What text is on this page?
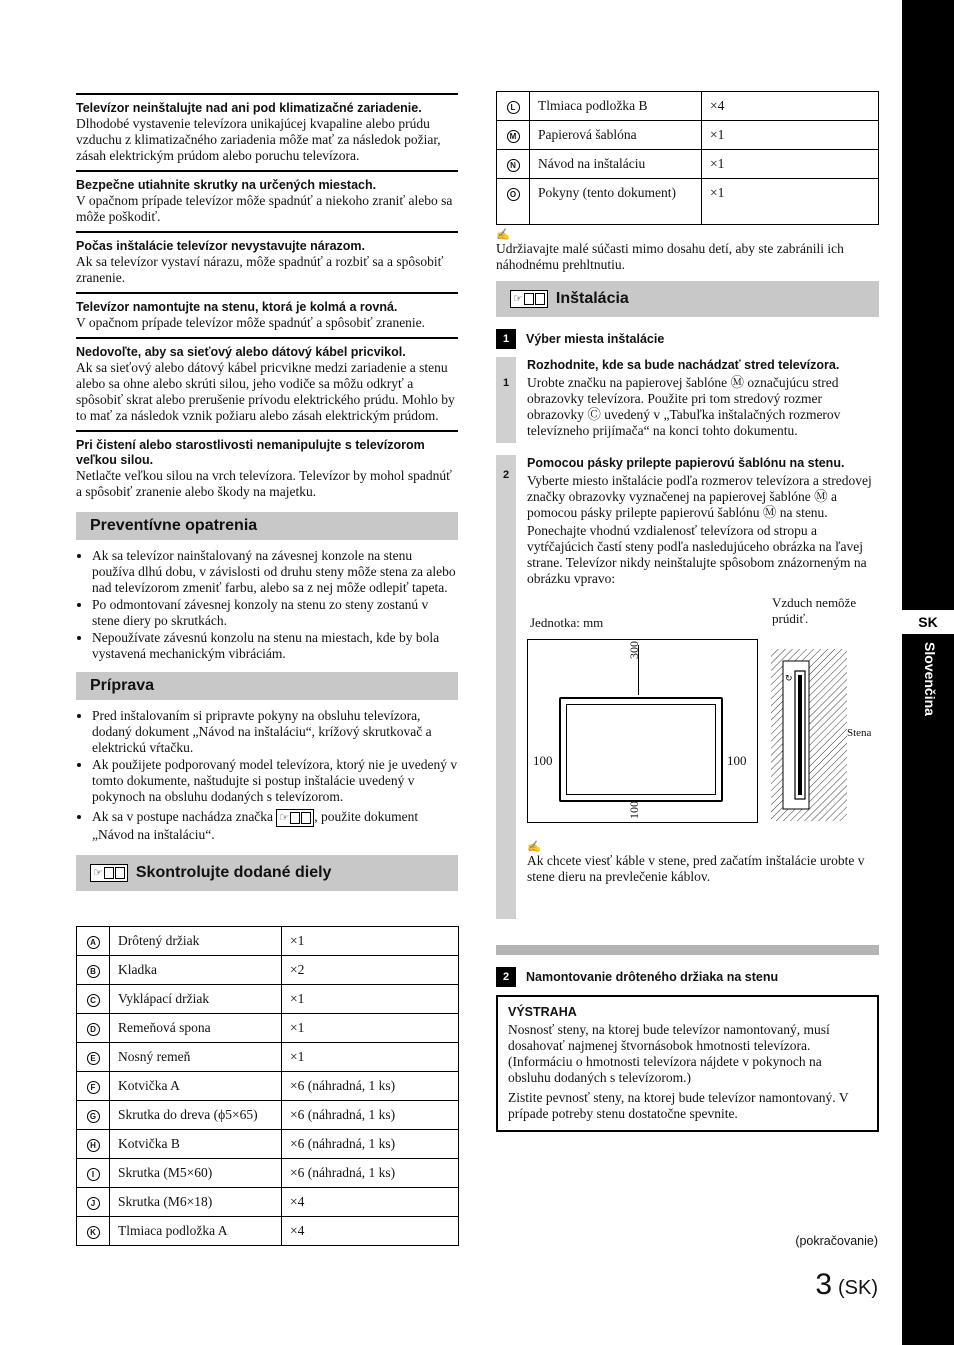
Televízor neinštalujte nad ani pod klimatizačné zariadenie.
Dlhodobé vystavenie televízora unikajúcej kvapaline alebo prúdu vzduchu z klimatizačného zariadenia môže mať za následok požiar, zásah elektrickým prúdom alebo poruchu televízora.
Bezpečne utiahnite skrutky na určených miestach.
V opačnom prípade televízor môže spadnúť a niekoho zraniť alebo sa môže poškodiť.
Počas inštalácie televízor nevystavujte nárazom.
Ak sa televízor vystaví nárazu, môže spadnúť a rozbiť sa a spôsobiť zranenie.
Televízor namontujte na stenu, ktorá je kolmá a rovná.
V opačnom prípade televízor môže spadnúť a spôsobiť zranenie.
Nedovoľte, aby sa sieťový alebo dátový kábel pricvikol.
Ak sa sieťový alebo dátový kábel pricvikne medzi zariadenie a stenu alebo sa ohne alebo skrúti silou, jeho vodiče sa môžu odkryť a spôsobiť skrat alebo prerušenie prívodu elektrického prúdu. Mohlo by to mať za následok vznik požiaru alebo zásah elektrickým prúdom.
Pri čistení alebo starostlivosti nemanipulujte s televízorom veľkou silou.
Netlačte veľkou silou na vrch televízora. Televízor by mohol spadnúť a spôsobiť zranenie alebo škody na majetku.
Preventívne opatrenia
• Ak sa televízor nainštalovaný na závesnej konzole na stenu používa dlhú dobu, v závislosti od druhu steny môže stena za alebo nad televízorom zmeniť farbu, alebo sa z nej môže odlepiť tapeta.
• Po odmontovaní závesnej konzoly na stenu zo steny zostanú v stene diery po skrutkách.
• Nepoužívate závesnú konzolu na stenu na miestach, kde by bola vystavená mechanickým vibráciám.
Príprava
• Pred inštalovaním si pripravte pokyny na obsluhu televízora, dodaný dokument „Návod na inštaláciu“, krížový skrutkovač a elektrickú vŕtačku.
• Ak použijete podporovaný model televízora, ktorý nie je uvedený v tomto dokumente, naštudujte si postup inštalácie uvedený v pokynoch na obsluhu dodaných s televízorom.
• Ak sa v postupe nachádza značka ☞ , použite dokument „Návod na inštaláciu“.
☞ Skontrolujte dodané diely
A	Drôtený držiak	×1
B	Kladka	×2
C	Vyklápací držiak	×1
D	Remeňová spona	×1
E	Nosný remeň	×1
F	Kotvička A	×6 (náhradná, 1 ks)
G	Skrutka do dreva (ϕ5×65)	×6 (náhradná, 1 ks)
H	Kotvička B	×6 (náhradná, 1 ks)
I	Skrutka (M5×60)	×6 (náhradná, 1 ks)
J	Skrutka (M6×18)	×4
K	Tlmiaca podložka A	×4
L	Tlmiaca podložka B	×4
M	Papierová šablóna	×1
N	Návod na inštaláciu	×1
O	Pokyny (tento dokument)	×1
✍
Udržiavajte malé súčasti mimo dosahu detí, aby ste zabránili ich náhodnému prehltnutiu.
☞ Inštalácia
1	Výber miesta inštalácie
1
Rozhodnite, kde sa bude nachádzať stred televízora.
Urobte značku na papierovej šablóne Ⓜ označujúcu stred obrazovky televízora. Použite pri tom stredový rozmer obrazovky Ⓒ uvedený v „Tabuľka inštalačných rozmerov televízneho prijímača“ na konci tohto dokumentu.
2
Pomocou pásky prilepte papierovú šablónu na stenu.
Vyberte miesto inštalácie podľa rozmerov televízora a stredovej značky obrazovky vyznačenej na papierovej šablóne Ⓜ a pomocou pásky prilepte papierovú šablónu Ⓜ na stenu.
Ponechajte vhodnú vzdialenosť televízora od stropu a vytŕčajúcich častí steny podľa nasledujúceho obrázka na ľavej strane. Televízor nikdy neinštalujte spôsobom znázorneným na obrázku vpravo:
Jednotka: mm
300
100	100
100
Vzduch nemôže prúdiť.
↻
Stena
✍
Ak chcete viesť káble v stene, pred začatím inštalácie urobte v stene dieru na prevlečenie káblov.
2	Namontovanie drôteného držiaka na stenu
VÝSTRAHA
Nosnosť steny, na ktorej bude televízor namontovaný, musí dosahovať najmenej štvornásobok hmotnosti televízora. (Informáciu o hmotnosti televízora nájdete v pokynoch na obsluhu dodaných s televízorom.)
Zistite pevnosť steny, na ktorej bude televízor namontovaný. V prípade potreby stenu dostatočne spevnite.
(pokračovanie)
3 (SK)
SK
Slovenčina
